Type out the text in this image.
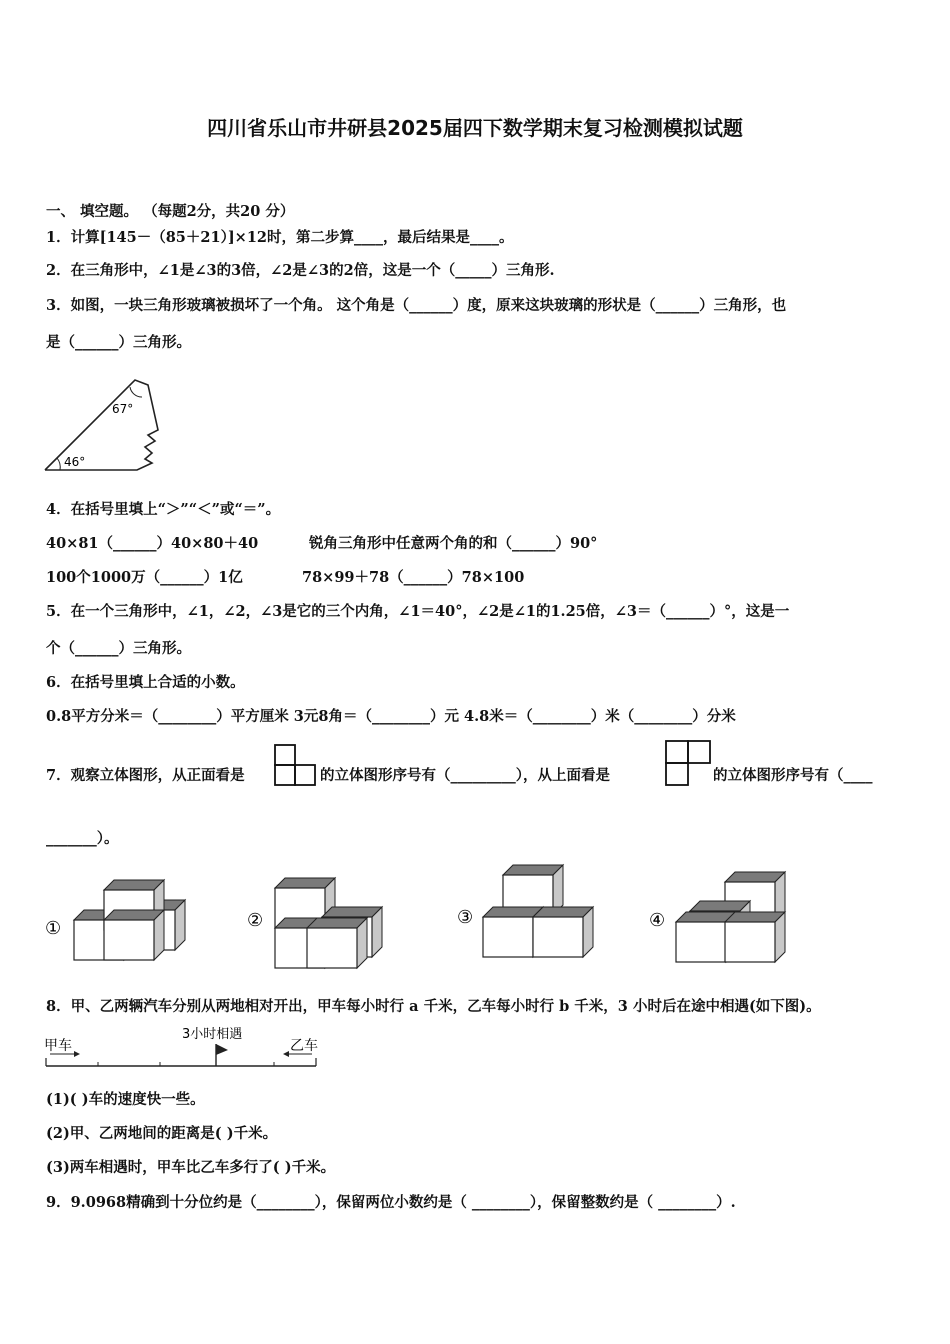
四川省乐山市井研县2025届四下数学期末复习检测模拟试题
一、 填空题。 （每题2分，共20 分）
1．计算[145－（85＋21）]×12时，第二步算____，最后结果是____。
2．在三角形中，∠1是∠3的3倍，∠2是∠3的2倍，这是一个（_____）三角形.
3．如图，一块三角形玻璃被损坏了一个角。 这个角是（______）度，原来这块玻璃的形状是（______）三角形，也
是（______）三角形。
67°
46°
4．在括号里填上“＞”“＜”或“＝”。
40×81（______）40×80＋40	锐角三角形中任意两个角的和（______）90°
100个1000万（______）1亿	78×99＋78（______）78×100
5．在一个三角形中，∠1，∠2，∠3是它的三个内角，∠1＝40°，∠2是∠1的1.25倍，∠3＝（______）°，这是一
个（______）三角形。
6．在括号里填上合适的小数。
0.8平方分米＝（________）平方厘米 3元8角＝（________）元 4.8米＝（________）米（________）分米
7．观察立体图形，从正面看是	的立体图形序号有（_________），从上面看是	的立体图形序号有（____
_______）。
①	②	③	④
8．甲、乙两辆汽车分别从两地相对开出，甲车每小时行 a 千米，乙车每小时行 b 千米，3 小时后在途中相遇(如下图)。
甲车
3小时相遇
乙车
(1)( )车的速度快一些。
(2)甲、乙两地间的距离是( )千米。
(3)两车相遇时，甲车比乙车多行了( )千米。
9．9.0968精确到十分位约是（________），保留两位小数约是（ ________），保留整数约是（ ________）.
